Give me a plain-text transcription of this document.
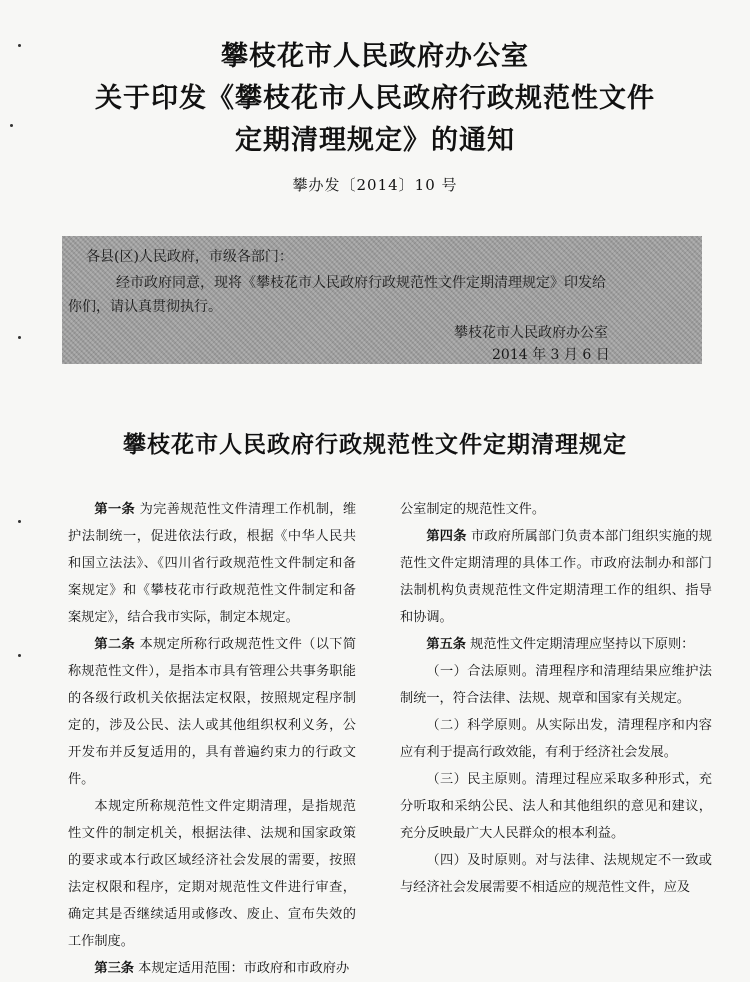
攀枝花市人民政府办公室
关于印发《攀枝花市人民政府行政规范性文件
定期清理规定》的通知
攀办发〔2014〕10 号
各县(区)人民政府，市级各部门：
经市政府同意，现将《攀枝花市人民政府行政规范性文件定期清理规定》印发给
你们，请认真贯彻执行。
攀枝花市人民政府办公室
2014 年 3 月 6 日
攀枝花市人民政府行政规范性文件定期清理规定
第一条 为完善规范性文件清理工作机制，维护法制统一，促进依法行政，根据《中华人民共和国立法法》、《四川省行政规范性文件制定和备案规定》和《攀枝花市行政规范性文件制定和备案规定》，结合我市实际，制定本规定。
第二条 本规定所称行政规范性文件（以下简称规范性文件），是指本市具有管理公共事务职能的各级行政机关依据法定权限，按照规定程序制定的，涉及公民、法人或其他组织权利义务，公开发布并反复适用的，具有普遍约束力的行政文件。
本规定所称规范性文件定期清理，是指规范性文件的制定机关，根据法律、法规和国家政策的要求或本行政区域经济社会发展的需要，按照法定权限和程序，定期对规范性文件进行审查，确定其是否继续适用或修改、废止、宣布失效的工作制度。
第三条 本规定适用范围：市政府和市政府办
公室制定的规范性文件。
第四条 市政府所属部门负责本部门组织实施的规范性文件定期清理的具体工作。市政府法制办和部门法制机构负责规范性文件定期清理工作的组织、指导和协调。
第五条 规范性文件定期清理应坚持以下原则：
（一）合法原则。清理程序和清理结果应维护法制统一，符合法律、法规、规章和国家有关规定。
（二）科学原则。从实际出发，清理程序和内容应有利于提高行政效能，有利于经济社会发展。
（三）民主原则。清理过程应采取多种形式，充分听取和采纳公民、法人和其他组织的意见和建议，充分反映最广大人民群众的根本利益。
（四）及时原则。对与法律、法规规定不一致或与经济社会发展需要不相适应的规范性文件，应及
